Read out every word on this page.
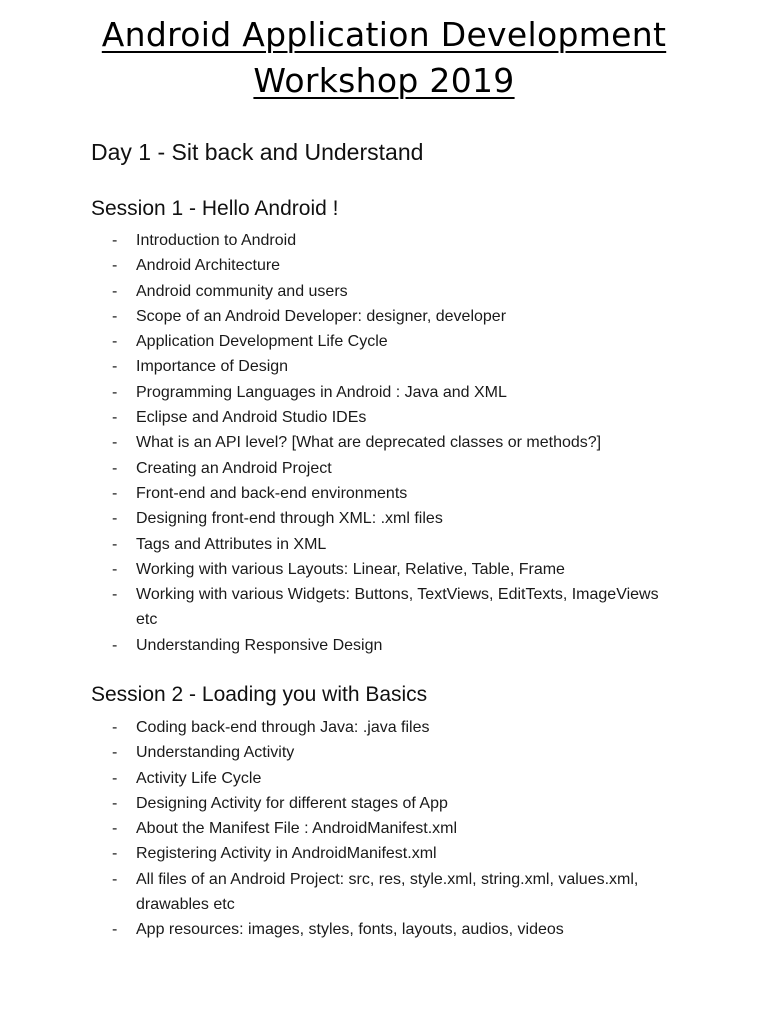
Android Application Development
Workshop 2019
Day 1 - Sit back and Understand
Session 1 - Hello Android !
- Introduction to Android
- Android Architecture
- Android community and users
- Scope of an Android Developer: designer, developer
- Application Development Life Cycle
- Importance of Design
- Programming Languages in Android : Java and XML
- Eclipse and Android Studio IDEs
- What is an API level? [What are deprecated classes or methods?]
- Creating an Android Project
- Front-end and back-end environments
- Designing front-end through XML: .xml files
- Tags and Attributes in XML
- Working with various Layouts: Linear, Relative, Table, Frame
- Working with various Widgets: Buttons, TextViews, EditTexts, ImageViews etc
- Understanding Responsive Design
Session 2 - Loading you with Basics
- Coding back-end through Java: .java files
- Understanding Activity
- Activity Life Cycle
- Designing Activity for different stages of App
- About the Manifest File : AndroidManifest.xml
- Registering Activity in AndroidManifest.xml
- All files of an Android Project: src, res, style.xml, string.xml, values.xml, drawables etc
- App resources: images, styles, fonts, layouts, audios, videos
